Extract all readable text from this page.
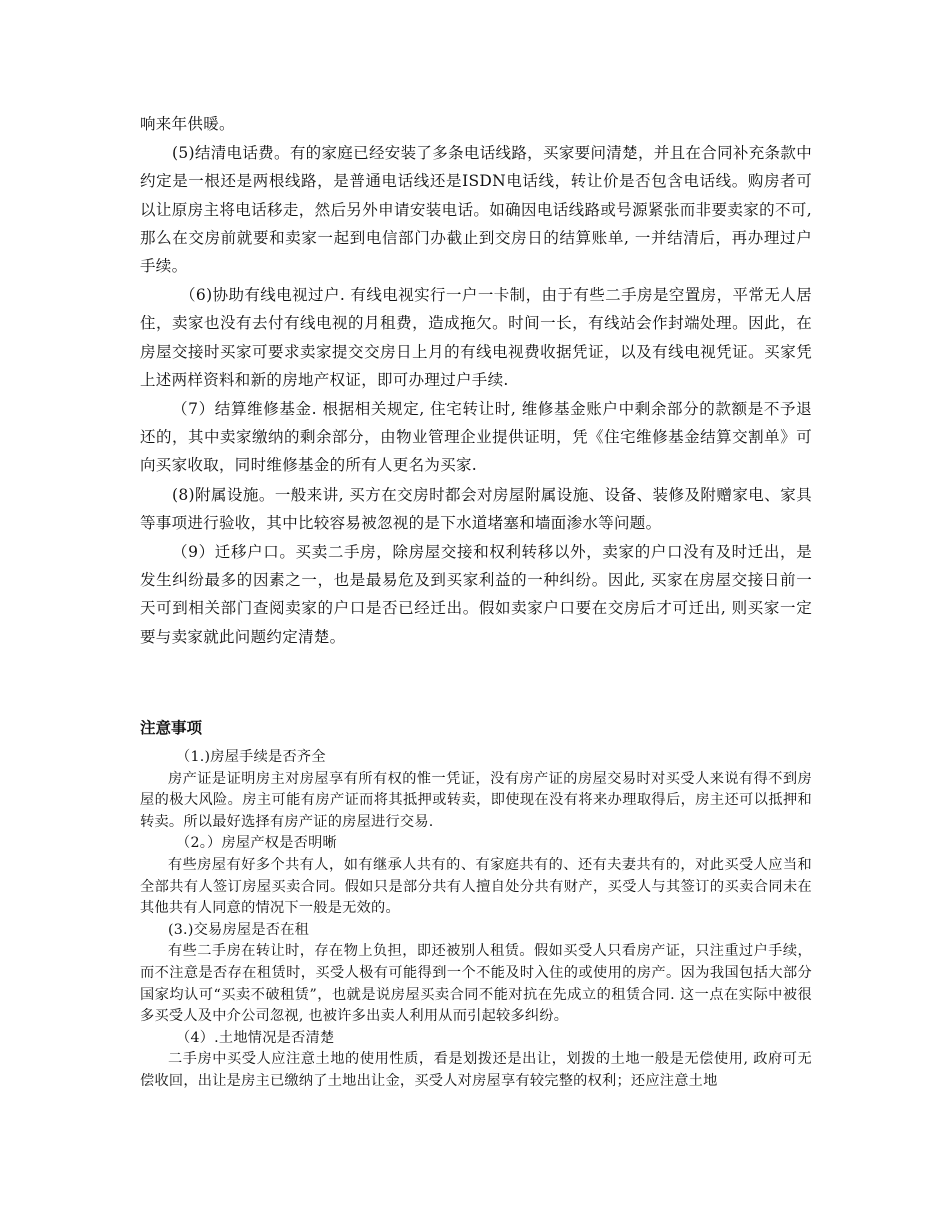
响来年供暖。

(5)结清电话费。有的家庭已经安装了多条电话线路，买家要问清楚，并且在合同补充条款中约定是一根还是两根线路，是普通电话线还是ISDN电话线，转让价是否包含电话线。购房者可以让原房主将电话移走，然后另外申请安装电话。如确因电话线路或号源紧张而非要卖家的不可, 那么在交房前就要和卖家一起到电信部门办截止到交房日的结算账单, 一并结清后，再办理过户手续。

（6)协助有线电视过户. 有线电视实行一户一卡制，由于有些二手房是空置房，平常无人居住，卖家也没有去付有线电视的月租费，造成拖欠。时间一长，有线站会作封端处理。因此，在房屋交接时买家可要求卖家提交交房日上月的有线电视费收据凭证，以及有线电视凭证。买家凭上述两样资料和新的房地产权证，即可办理过户手续.

（7）结算维修基金. 根据相关规定, 住宅转让时, 维修基金账户中剩余部分的款额是不予退还的，其中卖家缴纳的剩余部分，由物业管理企业提供证明，凭《住宅维修基金结算交割单》可向买家收取，同时维修基金的所有人更名为买家.

(8)附属设施。一般来讲, 买方在交房时都会对房屋附属设施、设备、装修及附赠家电、家具等事项进行验收，其中比较容易被忽视的是下水道堵塞和墙面渗水等问题。

（9）迁移户口。买卖二手房，除房屋交接和权利转移以外，卖家的户口没有及时迁出，是发生纠纷最多的因素之一，也是最易危及到买家利益的一种纠纷。因此, 买家在房屋交接日前一天可到相关部门查阅卖家的户口是否已经迁出。假如卖家户口要在交房后才可迁出, 则买家一定要与卖家就此问题约定清楚。

注意事项

（1.)房屋手续是否齐全

房产证是证明房主对房屋享有所有权的惟一凭证，没有房产证的房屋交易时对买受人来说有得不到房屋的极大风险。房主可能有房产证而将其抵押或转卖，即使现在没有将来办理取得后，房主还可以抵押和转卖。所以最好选择有房产证的房屋进行交易.

（2。）房屋产权是否明晰

有些房屋有好多个共有人，如有继承人共有的、有家庭共有的、还有夫妻共有的，对此买受人应当和全部共有人签订房屋买卖合同。假如只是部分共有人擅自处分共有财产，买受人与其签订的买卖合同未在其他共有人同意的情况下一般是无效的。

(3.)交易房屋是否在租

有些二手房在转让时，存在物上负担，即还被别人租赁。假如买受人只看房产证，只注重过户手续，而不注意是否存在租赁时，买受人极有可能得到一个不能及时入住的或使用的房产。因为我国包括大部分国家均认可“买卖不破租赁”，也就是说房屋买卖合同不能对抗在先成立的租赁合同. 这一点在实际中被很多买受人及中介公司忽视, 也被许多出卖人利用从而引起较多纠纷。

（4）.土地情况是否清楚

二手房中买受人应注意土地的使用性质，看是划拨还是出让，划拨的土地一般是无偿使用, 政府可无偿收回，出让是房主已缴纳了土地出让金，买受人对房屋享有较完整的权利；还应注意土地
